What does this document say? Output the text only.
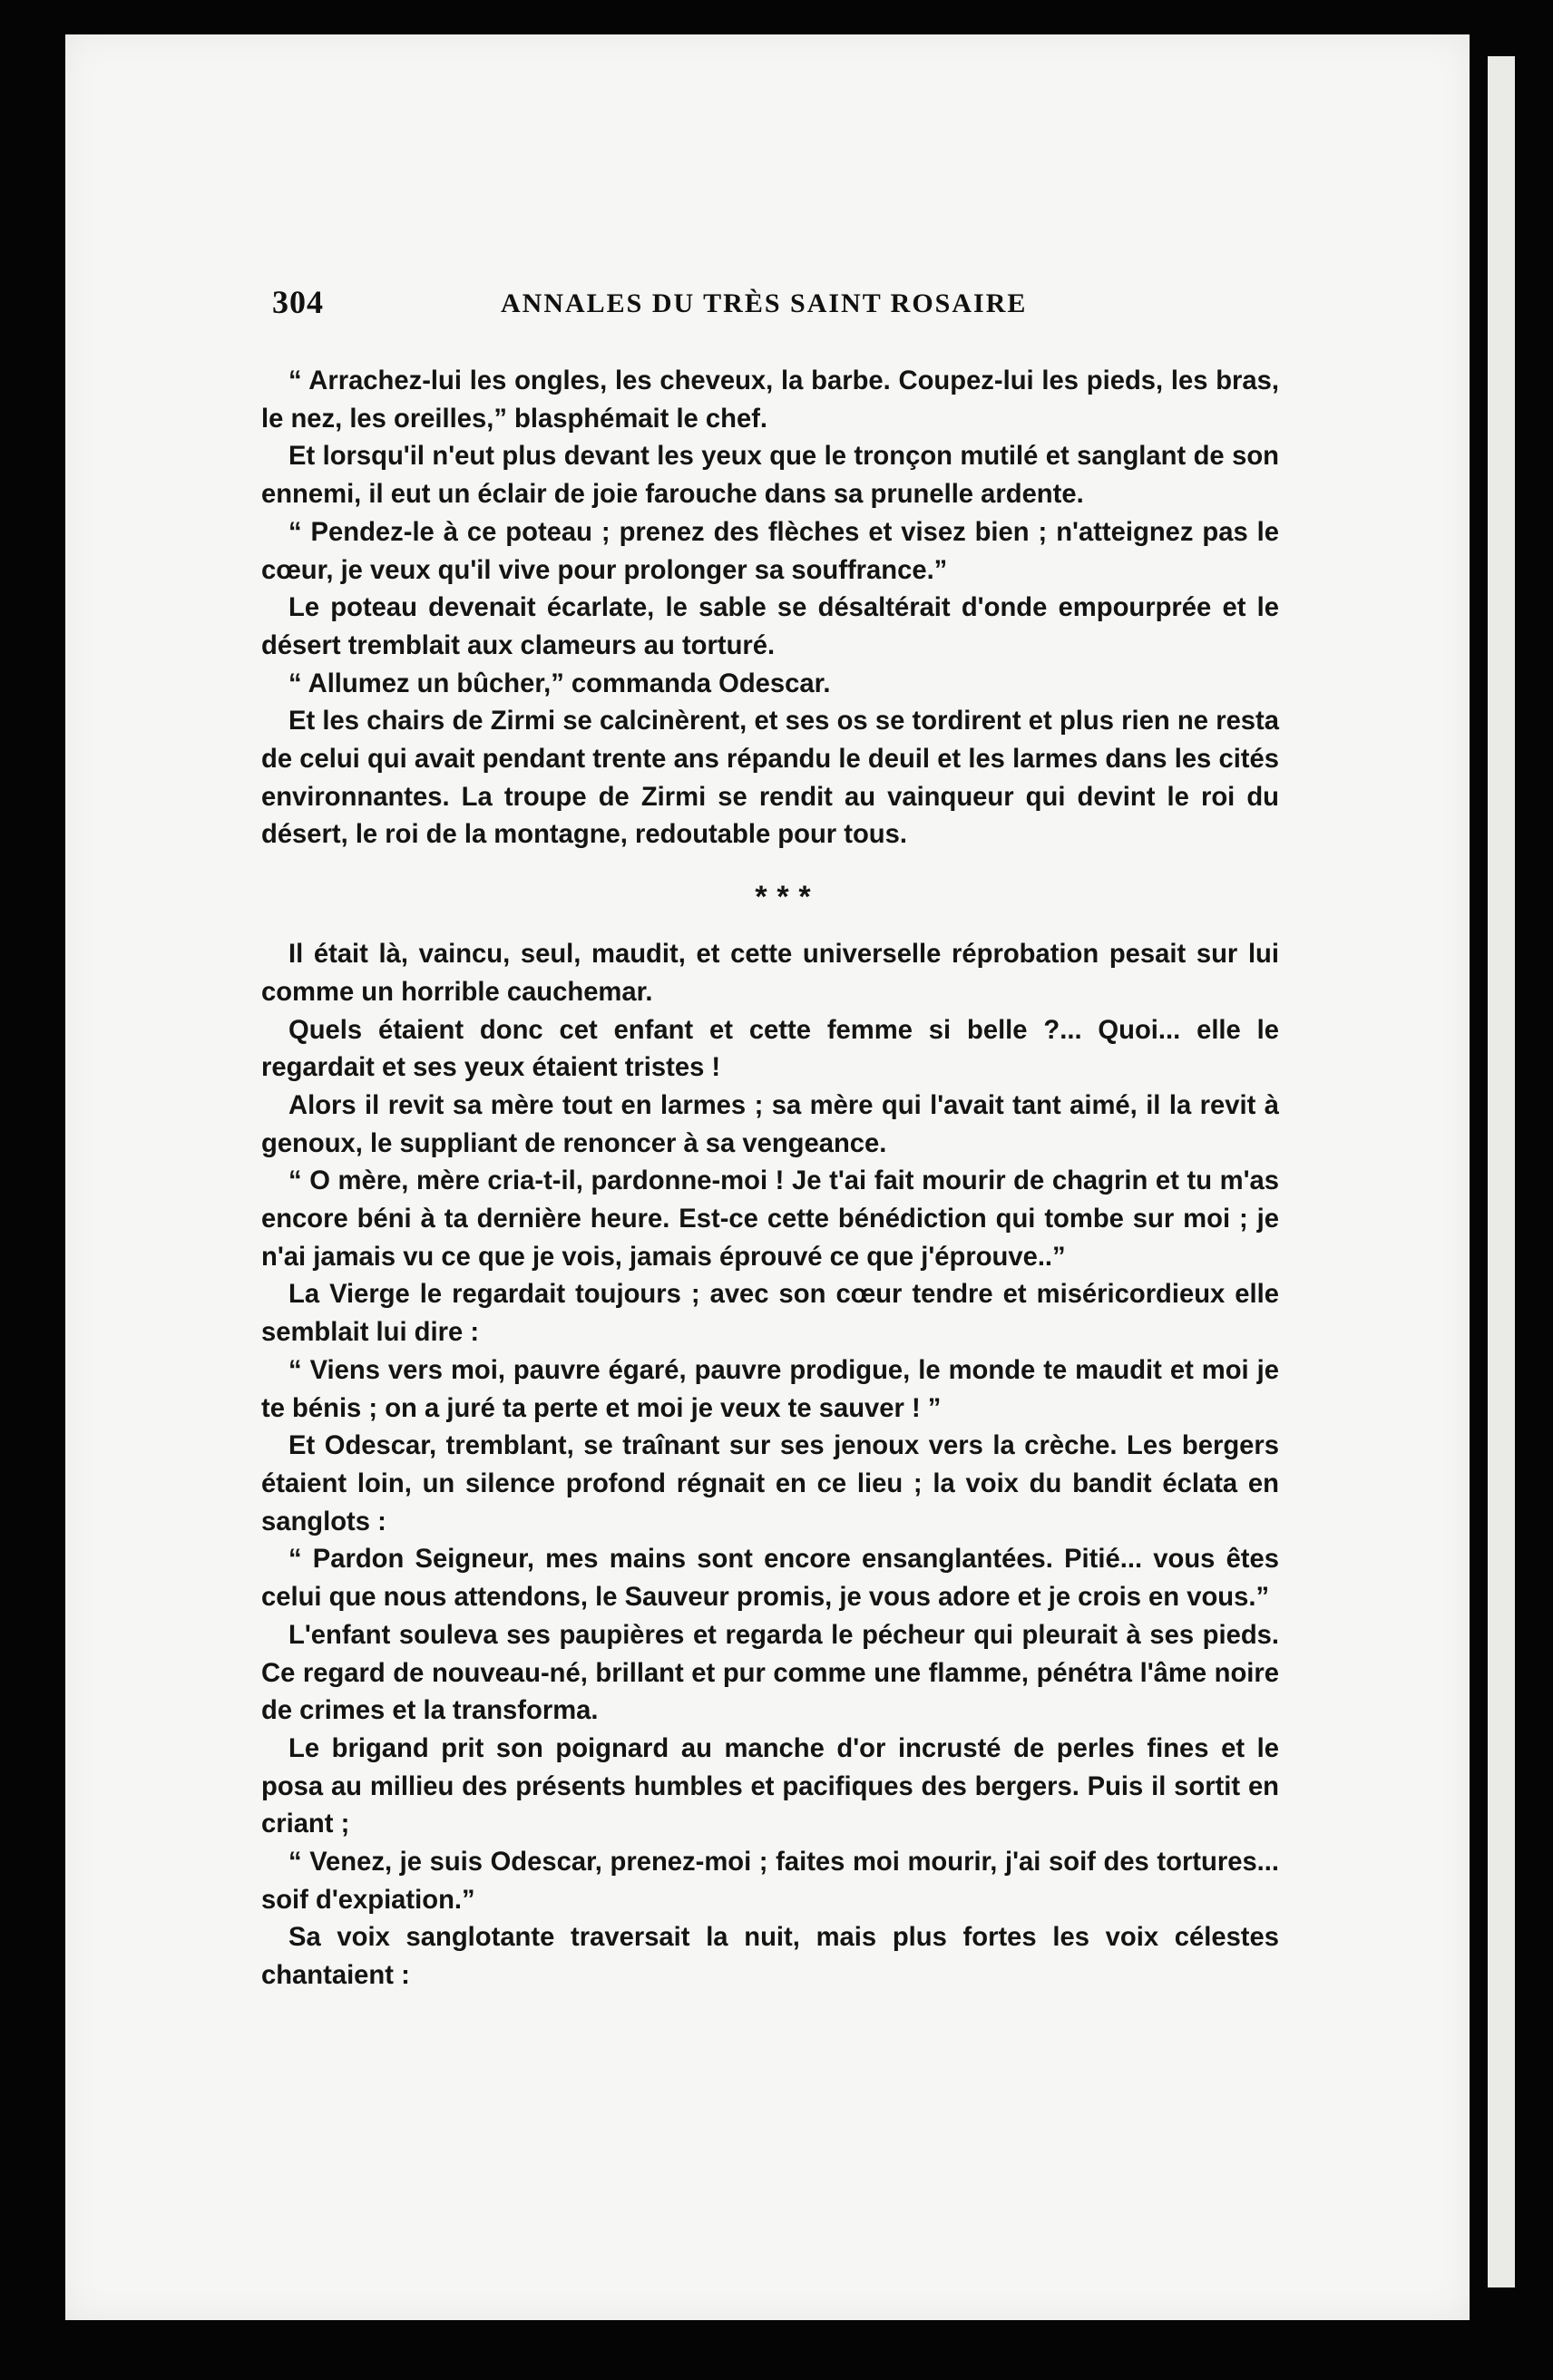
304	ANNALES DU TRÈS SAINT ROSAIRE

“ Arrachez-lui les ongles, les cheveux, la barbe. Coupez-lui les pieds, les bras, le nez, les oreilles,” blasphémait le chef.

Et lorsqu'il n'eut plus devant les yeux que le tronçon mutilé et sanglant de son ennemi, il eut un éclair de joie farouche dans sa prunelle ardente.

“ Pendez-le à ce poteau ; prenez des flèches et visez bien ; n'atteignez pas le cœur, je veux qu'il vive pour prolonger sa souffrance.”

Le poteau devenait écarlate, le sable se désaltérait d'onde empourprée et le désert tremblait aux clameurs au torturé.

“ Allumez un bûcher,” commanda Odescar.

Et les chairs de Zirmi se calcinèrent, et ses os se tordirent et plus rien ne resta de celui qui avait pendant trente ans répandu le deuil et les larmes dans les cités environnantes. La troupe de Zirmi se rendit au vainqueur qui devint le roi du désert, le roi de la montagne, redoutable pour tous.

* * *

Il était là, vaincu, seul, maudit, et cette universelle réprobation pesait sur lui comme un horrible cauchemar.

Quels étaient donc cet enfant et cette femme si belle ?... Quoi... elle le regardait et ses yeux étaient tristes !

Alors il revit sa mère tout en larmes ; sa mère qui l'avait tant aimé, il la revit à genoux, le suppliant de renoncer à sa vengeance.

“ O mère, mère cria-t-il, pardonne-moi ! Je t'ai fait mourir de chagrin et tu m'as encore béni à ta dernière heure. Est-ce cette bénédiction qui tombe sur moi ; je n'ai jamais vu ce que je vois, jamais éprouvé ce que j'éprouve..”

La Vierge le regardait toujours ; avec son cœur tendre et miséricordieux elle semblait lui dire :

“ Viens vers moi, pauvre égaré, pauvre prodigue, le monde te maudit et moi je te bénis ; on a juré ta perte et moi je veux te sauver ! ”

Et Odescar, tremblant, se traînant sur ses jenoux vers la crèche. Les bergers étaient loin, un silence profond régnait en ce lieu ; la voix du bandit éclata en sanglots :

“ Pardon Seigneur, mes mains sont encore ensanglantées. Pitié... vous êtes celui que nous attendons, le Sauveur promis, je vous adore et je crois en vous.”

L'enfant souleva ses paupières et regarda le pécheur qui pleurait à ses pieds. Ce regard de nouveau-né, brillant et pur comme une flamme, pénétra l'âme noire de crimes et la transforma.

Le brigand prit son poignard au manche d'or incrusté de perles fines et le posa au millieu des présents humbles et pacifiques des bergers. Puis il sortit en criant ;

“ Venez, je suis Odescar, prenez-moi ; faites moi mourir, j'ai soif des tortures... soif d'expiation.”

Sa voix sanglotante traversait la nuit, mais plus fortes les voix célestes chantaient :
